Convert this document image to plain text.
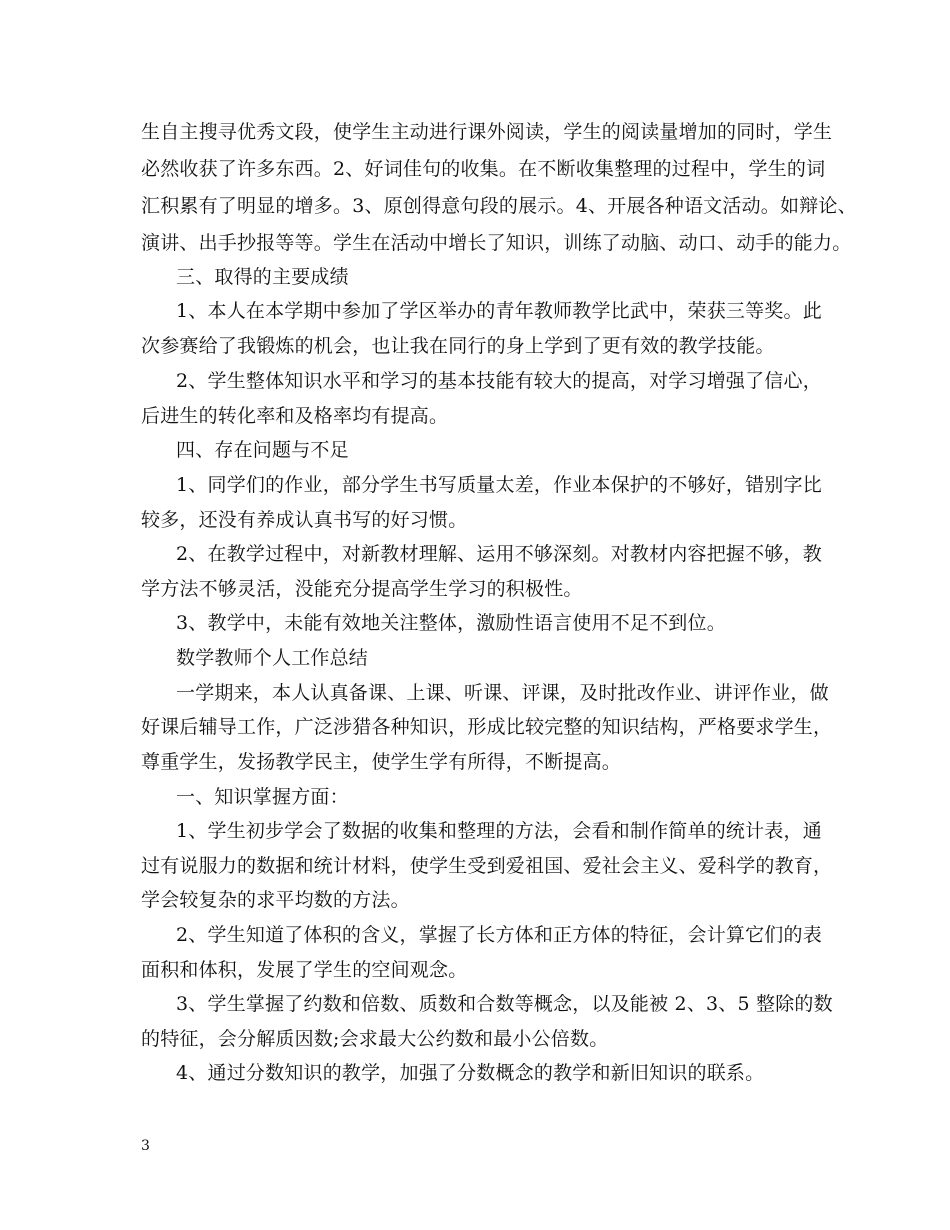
生自主搜寻优秀文段，使学生主动进行课外阅读，学生的阅读量增加的同时，学生
必然收获了许多东西。2、好词佳句的收集。在不断收集整理的过程中，学生的词
汇积累有了明显的增多。3、原创得意句段的展示。4、开展各种语文活动。如辩论、
演讲、出手抄报等等。学生在活动中增长了知识，训练了动脑、动口、动手的能力。
三、取得的主要成绩
1、本人在本学期中参加了学区举办的青年教师教学比武中，荣获三等奖。此
次参赛给了我锻炼的机会，也让我在同行的身上学到了更有效的教学技能。
2、学生整体知识水平和学习的基本技能有较大的提高，对学习增强了信心，
后进生的转化率和及格率均有提高。
四、存在问题与不足
1、同学们的作业，部分学生书写质量太差，作业本保护的不够好，错别字比
较多，还没有养成认真书写的好习惯。
2、在教学过程中，对新教材理解、运用不够深刻。对教材内容把握不够，教
学方法不够灵活，没能充分提高学生学习的积极性。
3、教学中，未能有效地关注整体，激励性语言使用不足不到位。
数学教师个人工作总结
一学期来，本人认真备课、上课、听课、评课，及时批改作业、讲评作业，做
好课后辅导工作，广泛涉猎各种知识，形成比较完整的知识结构，严格要求学生，
尊重学生，发扬教学民主，使学生学有所得，不断提高。
一、知识掌握方面：
1、学生初步学会了数据的收集和整理的方法，会看和制作简单的统计表，通
过有说服力的数据和统计材料，使学生受到爱祖国、爱社会主义、爱科学的教育，
学会较复杂的求平均数的方法。
2、学生知道了体积的含义，掌握了长方体和正方体的特征，会计算它们的表
面积和体积，发展了学生的空间观念。
3、学生掌握了约数和倍数、质数和合数等概念，以及能被 2、3、5 整除的数
的特征，会分解质因数;会求最大公约数和最小公倍数。
4、通过分数知识的教学，加强了分数概念的教学和新旧知识的联系。
3
